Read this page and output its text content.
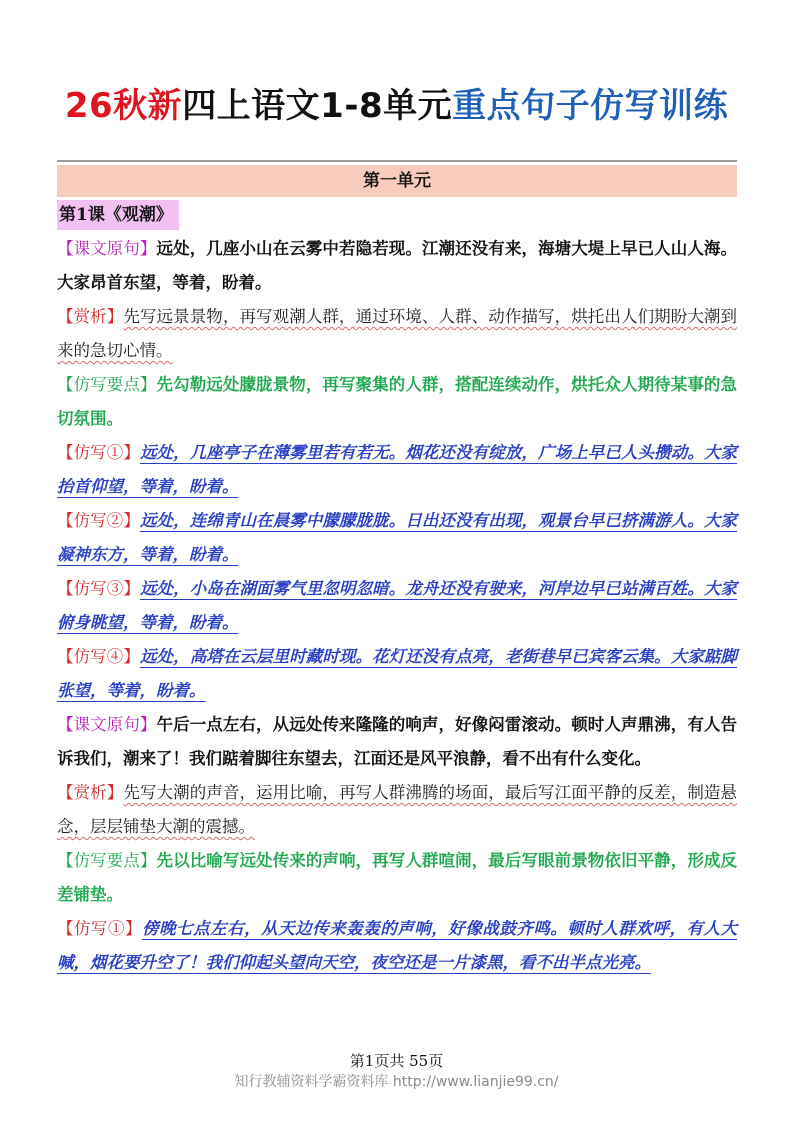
26秋新四上语文1-8单元重点句子仿写训练
第一单元
第1课《观潮》

【课文原句】远处，几座小山在云雾中若隐若现。江潮还没有来，海塘大堤上早已人山人海。大家昂首东望，等着，盼着。

【赏析】先写远景景物，再写观潮人群，通过环境、人群、动作描写，烘托出人们期盼大潮到来的急切心情。

【仿写要点】先勾勒远处朦胧景物，再写聚集的人群，搭配连续动作，烘托众人期待某事的急切氛围。

【仿写①】远处，几座亭子在薄雾里若有若无。烟花还没有绽放，广场上早已人头攒动。大家抬首仰望，等着，盼着。

【仿写②】远处，连绵青山在晨雾中朦朦胧胧。日出还没有出现，观景台早已挤满游人。大家凝神东方，等着，盼着。

【仿写③】远处，小岛在湖面雾气里忽明忽暗。龙舟还没有驶来，河岸边早已站满百姓。大家俯身眺望，等着，盼着。

【仿写④】远处，高塔在云层里时藏时现。花灯还没有点亮，老街巷早已宾客云集。大家踮脚张望，等着，盼着。

【课文原句】午后一点左右，从远处传来隆隆的响声，好像闷雷滚动。顿时人声鼎沸，有人告诉我们，潮来了！我们踮着脚往东望去，江面还是风平浪静，看不出有什么变化。

【赏析】先写大潮的声音，运用比喻，再写人群沸腾的场面，最后写江面平静的反差，制造悬念，层层铺垫大潮的震撼。

【仿写要点】先以比喻写远处传来的声响，再写人群喧闹，最后写眼前景物依旧平静，形成反差铺垫。

【仿写①】傍晚七点左右，从天边传来轰轰的声响，好像战鼓齐鸣。顿时人群欢呼，有人大喊，烟花要升空了！我们仰起头望向天空，夜空还是一片漆黑，看不出半点光亮。

第1页共 55页
知行教辅资料学霸资料库 http://www.lianjie99.cn/
